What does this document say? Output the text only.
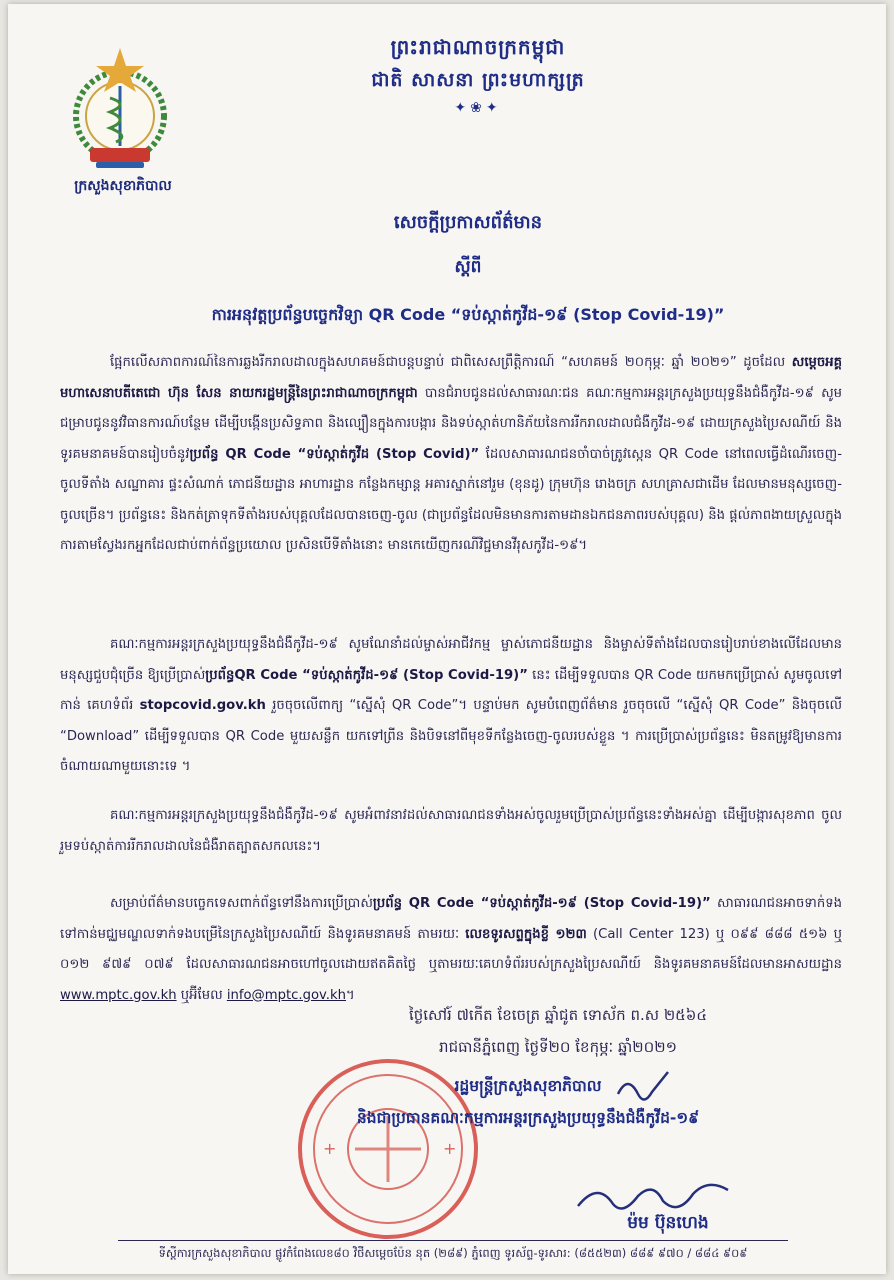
ក្រសួងសុខាភិបាល
ព្រះរាជាណាចក្រកម្ពុជា
ជាតិ សាសនា ព្រះមហាក្សត្រ
✦❀✦
សេចក្តីប្រកាសព័ត៌មាន
ស្តីពី
ការអនុវត្តប្រព័ន្ធបច្ចេកវិទ្យា QR Code “ទប់ស្កាត់កូវីដ-១៩ (Stop Covid-19)”

ផ្អែកលើសភាពការណ៍នៃការឆ្លងរីករាលដាលក្នុងសហគមន៍ជាបន្តបន្ទាប់ ជាពិសេសព្រឹត្តិការណ៍ “សហគមន៍ ២០កុម្ភៈ ឆ្នាំ ២០២១” ដូចដែល សម្តេចអគ្គមហាសេនាបតីតេជោ ហ៊ុន សែន នាយករដ្ឋមន្ត្រីនៃព្រះរាជាណាចក្រកម្ពុជា បានជំរាបជូនដល់សាធារណៈជន គណៈកម្មការអន្តរក្រសួងប្រយុទ្ធនឹងជំងឺកូវីដ-១៩ សូមជម្រាបជូននូវវិធានការណ៍បន្ថែម ដើម្បីបង្កើនប្រសិទ្ធភាព និងល្បឿនក្នុងការបង្ការ និងទប់ស្កាត់ហានិភ័យនៃការរីករាលដាលជំងឺកូវីដ-១៩ ដោយក្រសួងប្រៃសណីយ៍ និងទូរគមនាគមន៍បានរៀបចំនូវប្រព័ន្ធ QR Code “ទប់ស្កាត់កូវីដ (Stop Covid)” ដែលសាធារណជនចាំបាច់ត្រូវស្កេន QR Code នៅពេលធ្វើដំណើរចេញ-ចូលទីតាំង សណ្ឋាគារ ផ្ទះសំណាក់ ភោជនីយដ្ឋាន អាហារដ្ឋាន កន្លែងកម្សាន្ត អគារស្នាក់នៅរួម (ខុនដូ) ក្រុមហ៊ុន រោងចក្រ សហគ្រាសជាដើម ដែលមានមនុស្សចេញ-ចូលច្រើន។ ប្រព័ន្ធនេះ និងកត់ត្រាទុកទីតាំងរបស់បុគ្គលដែលបានចេញ-ចូល (ជាប្រព័ន្ធដែលមិនមានការតាមដានឯកជនភាពរបស់បុគ្គល) និង ផ្តល់ភាពងាយស្រួលក្នុងការតាមស្វែងរកអ្នកដែលជាប់ពាក់ព័ន្ធប្រយោល ប្រសិនបើទីតាំងនោះ មានកេយើញករណីវិជ្ជមានវីរុសកូវីដ-១៩។

គណៈកម្មការអន្តរក្រសួងប្រយុទ្ធនឹងជំងឺកូវីដ-១៩ សូមណែនាំដល់ម្ចាស់អាជីវកម្ម ម្ចាស់ភោជនីយដ្ឋាន និងម្ចាស់ទីតាំងដែលបានរៀបរាប់ខាងលើដែលមានមនុស្សជួបជុំច្រើន ឱ្យប្រើប្រាស់ប្រព័ន្ធQR Code “ទប់ស្កាត់កូវីដ-១៩ (Stop Covid-19)” នេះ ដើម្បីទទួលបាន QR Code យកមកប្រើប្រាស់ សូមចូលទៅកាន់ គេហទំព័រ stopcovid.gov.kh រួចចុចលើពាក្យ “ស្នើសុំ QR Code”។ បន្ទាប់មក សូមបំពេញព័ត៌មាន រួចចុចលើ “ស្នើសុំ QR Code” និងចុចលើ “Download” ដើម្បីទទួលបាន QR Code មួយសន្លឹក យកទៅព្រីន និងបិទនៅពីមុខទីកន្លែងចេញ-ចូលរបស់ខ្លួន ។ ការប្រើប្រាស់ប្រព័ន្ធនេះ មិនតម្រូវឱ្យមានការចំណាយណាមួយនោះទេ ។

គណៈកម្មការអន្តរក្រសួងប្រយុទ្ធនឹងជំងឺកូវីដ-១៩ សូមអំពាវនាវដល់សាធារណជនទាំងអស់ចូលរួមប្រើប្រាស់ប្រព័ន្ធនេះទាំងអស់គ្នា ដើម្បីបង្ការសុខភាព ចូលរួមទប់ស្កាត់ការរីករាលដាលនៃជំងឺរាតត្បាតសកលនេះ។

សម្រាប់ព័ត៌មានបច្ចេកទេសពាក់ព័ន្ធទៅនឹងការប្រើប្រាស់ប្រព័ន្ធ QR Code “ទប់ស្កាត់កូវីដ-១៩ (Stop Covid-19)” សាធារណជនអាចទាក់ទងទៅកាន់មជ្ឈមណ្ឌលទាក់ទងបម្រើនៃក្រសួងប្រៃសណីយ៍ និងទូរគមនាគមន៍ តាមរយៈ លេខទូរសព្ទក្នុងខ្លី ១២៣ (Call Center 123) ឬ ០៩៩ ៨៨៨ ៥១៦ ឬ ០១២ ៩៧៩ ០៧៩ ដែលសាធារណជនអាចហៅចូលដោយឥតគិតថ្លៃ ឬតាមរយៈគេហទំព័ររបស់ក្រសួងប្រៃសណីយ៍ និងទូរគមនាគមន៍ដែលមានអាសយដ្ឋាន www.mptc.gov.kh ឬអ៊ីមែល info@mptc.gov.kh។

ថ្ងៃសៅរ៍ ៧កើត ខែចេត្រ ឆ្នាំជូត ទោស័ក ព.ស ២៥៦៤
រាជធានីភ្នំពេញ ថ្ងៃទី២០ ខែកុម្ភៈ ឆ្នាំ២០២១
+	+
រដ្ឋមន្ត្រីក្រសួងសុខាភិបាល
និងជាប្រធានគណៈកម្មការអន្តរក្រសួងប្រយុទ្ធនឹងជំងឺកូវីដ-១៩
ម៉ម ប៊ុនហេង
ទីស្តីការក្រសួងសុខាភិបាល ផ្លូវកំពែងលេខ៨០ វិថីសម្តេចប៉ែន នុត (២៨៩) ភ្នំពេញ ទូរស័ព្ទ-ទូរសារ: (៨៥៥២៣) ៨៨៩ ៩៧០ / ៨៨៤ ៩០៩
